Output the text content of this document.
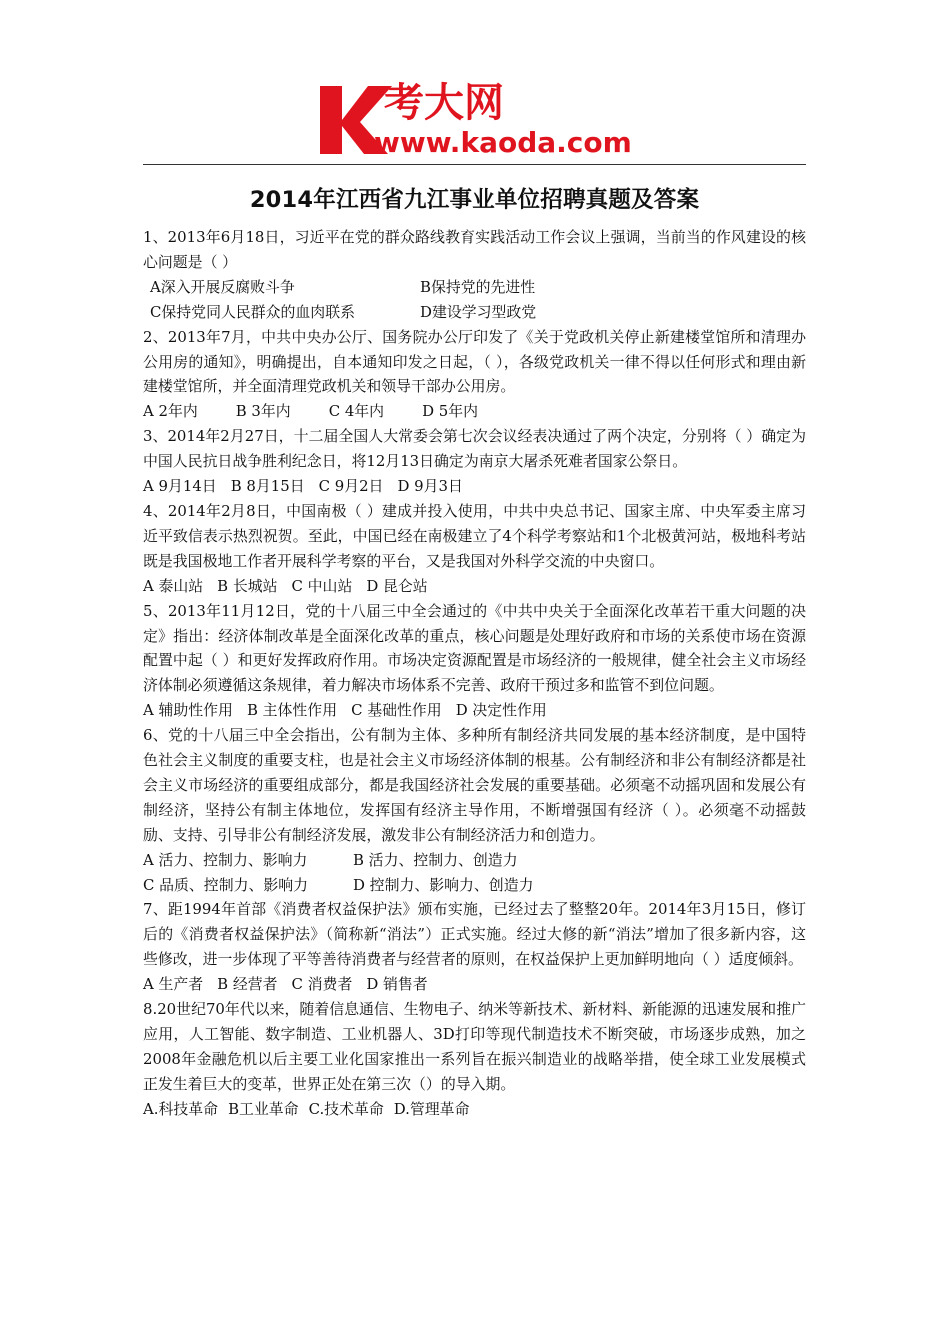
考大网
www.kaoda.com
2014年江西省九江事业单位招聘真题及答案

1、2013年6月18日，习近平在党的群众路线教育实践活动工作会议上强调，当前当的作风建设的核心问题是（ ）

A深入开展反腐败斗争	B保持党的先进性
C保持党同人民群众的血肉联系	D建设学习型政党

2、2013年7月，中共中央办公厅、国务院办公厅印发了《关于党政机关停止新建楼堂馆所和清理办公用房的通知》，明确提出，自本通知印发之日起，（ ），各级党政机关一律不得以任何形式和理由新建楼堂馆所，并全面清理党政机关和领导干部办公用房。

A 2年内	B 3年内	C 4年内	D 5年内

3、2014年2月27日，十二届全国人大常委会第七次会议经表决通过了两个决定，分别将（ ）确定为中国人民抗日战争胜利纪念日，将12月13日确定为南京大屠杀死难者国家公祭日。

A 9月14日 B 8月15日 C 9月2日 D 9月3日

4、2014年2月8日，中国南极（ ）建成并投入使用，中共中央总书记、国家主席、中央军委主席习近平致信表示热烈祝贺。至此，中国已经在南极建立了4个科学考察站和1个北极黄河站，极地科考站既是我国极地工作者开展科学考察的平台，又是我国对外科学交流的中央窗口。

A 泰山站 B 长城站 C 中山站 D 昆仑站

5、2013年11月12日，党的十八届三中全会通过的《中共中央关于全面深化改革若干重大问题的决定》指出：经济体制改革是全面深化改革的重点，核心问题是处理好政府和市场的关系使市场在资源配置中起（ ）和更好发挥政府作用。市场决定资源配置是市场经济的一般规律，健全社会主义市场经济体制必须遵循这条规律，着力解决市场体系不完善、政府干预过多和监管不到位问题。

A 辅助性作用 B 主体性作用 C 基础性作用 D 决定性作用

6、党的十八届三中全会指出，公有制为主体、多种所有制经济共同发展的基本经济制度，是中国特色社会主义制度的重要支柱，也是社会主义市场经济体制的根基。公有制经济和非公有制经济都是社会主义市场经济的重要组成部分，都是我国经济社会发展的重要基础。必须毫不动摇巩固和发展公有制经济，坚持公有制主体地位，发挥国有经济主导作用，不断增强国有经济（ ）。必须毫不动摇鼓励、支持、引导非公有制经济发展，激发非公有制经济活力和创造力。

A 活力、控制力、影响力	B 活力、控制力、创造力
C 品质、控制力、影响力	D 控制力、影响力、创造力

7、距1994年首部《消费者权益保护法》颁布实施，已经过去了整整20年。2014年3月15日，修订后的《消费者权益保护法》（简称新“消法”）正式实施。经过大修的新“消法”增加了很多新内容，这些修改，进一步体现了平等善待消费者与经营者的原则，在权益保护上更加鲜明地向（ ）适度倾斜。

A 生产者 B 经营者 C 消费者 D 销售者

8.20世纪70年代以来，随着信息通信、生物电子、纳米等新技术、新材料、新能源的迅速发展和推广应用，人工智能、数字制造、工业机器人、3D打印等现代制造技术不断突破，市场逐步成熟，加之2008年金融危机以后主要工业化国家推出一系列旨在振兴制造业的战略举措，使全球工业发展模式正发生着巨大的变革，世界正处在第三次（）的导入期。

A.科技革命 B工业革命 C.技术革命 D.管理革命
